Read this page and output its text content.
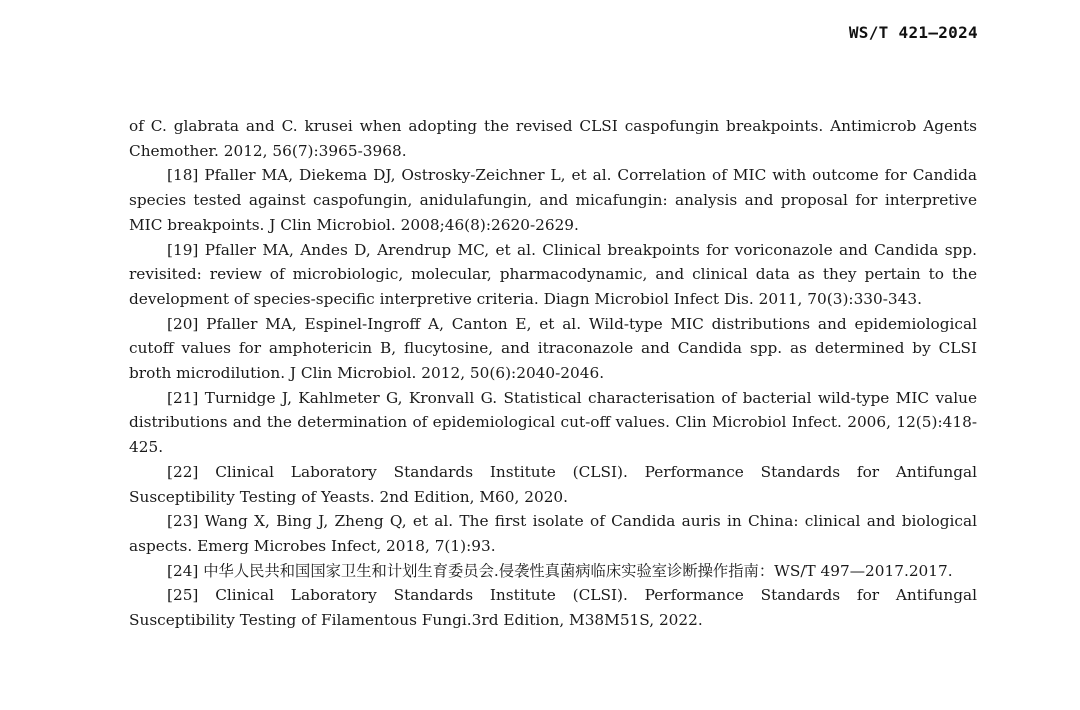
WS/T 421—2024

of C. glabrata and C. krusei when adopting the revised CLSI caspofungin breakpoints. Antimicrob Agents Chemother. 2012, 56(7):3965-3968.

[18] Pfaller MA, Diekema DJ, Ostrosky-Zeichner L, et al. Correlation of MIC with outcome for Candida species tested against caspofungin, anidulafungin, and micafungin: analysis and proposal for interpretive MIC breakpoints. J Clin Microbiol. 2008;46(8):2620-2629.

[19] Pfaller MA, Andes D, Arendrup MC, et al. Clinical breakpoints for voriconazole and Candida spp. revisited: review of microbiologic, molecular, pharmacodynamic, and clinical data as they pertain to the development of species-specific interpretive criteria. Diagn Microbiol Infect Dis. 2011, 70(3):330-343.

[20] Pfaller MA, Espinel-Ingroff A, Canton E, et al. Wild-type MIC distributions and epidemiological cutoff values for amphotericin B, flucytosine, and itraconazole and Candida spp. as determined by CLSI broth microdilution. J Clin Microbiol. 2012, 50(6):2040-2046.

[21] Turnidge J, Kahlmeter G, Kronvall G. Statistical characterisation of bacterial wild-type MIC value distributions and the determination of epidemiological cut-off values. Clin Microbiol Infect. 2006, 12(5):418-425.

[22] Clinical Laboratory Standards Institute (CLSI). Performance Standards for Antifungal Susceptibility Testing of Yeasts. 2nd Edition, M60, 2020.

[23] Wang X, Bing J, Zheng Q, et al. The first isolate of Candida auris in China: clinical and biological aspects. Emerg Microbes Infect, 2018, 7(1):93.

[24] 中华人民共和国国家卫生和计划生育委员会.侵袭性真菌病临床实验室诊断操作指南：WS/T 497—2017.2017.

[25] Clinical Laboratory Standards Institute (CLSI). Performance Standards for Antifungal Susceptibility Testing of Filamentous Fungi.3rd Edition, M38M51S, 2022.
